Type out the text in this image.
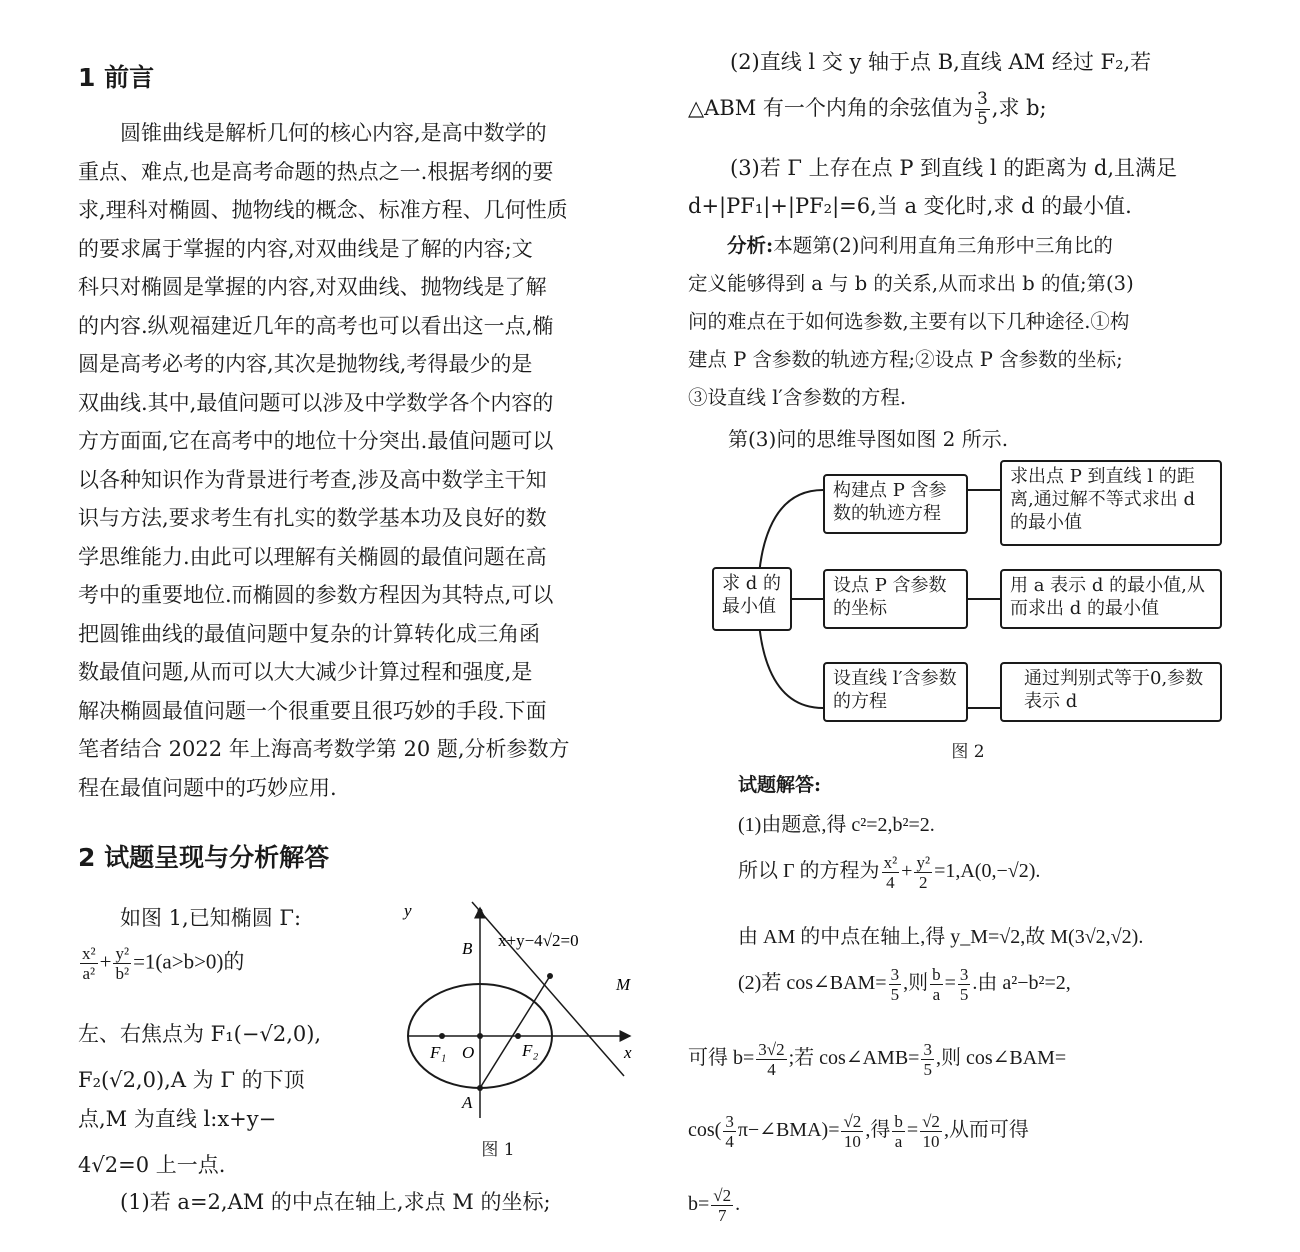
1 前言
圆锥曲线是解析几何的核心内容,是高中数学的
重点、难点,也是高考命题的热点之一.根据考纲的要
求,理科对椭圆、抛物线的概念、标准方程、几何性质
的要求属于掌握的内容,对双曲线是了解的内容;文
科只对椭圆是掌握的内容,对双曲线、抛物线是了解
的内容.纵观福建近几年的高考也可以看出这一点,椭
圆是高考必考的内容,其次是抛物线,考得最少的是
双曲线.其中,最值问题可以涉及中学数学各个内容的
方方面面,它在高考中的地位十分突出.最值问题可以
以各种知识作为背景进行考查,涉及高中数学主干知
识与方法,要求考生有扎实的数学基本功及良好的数
学思维能力.由此可以理解有关椭圆的最值问题在高
考中的重要地位.而椭圆的参数方程因为其特点,可以
把圆锥曲线的最值问题中复杂的计算转化成三角函
数最值问题,从而可以大大减少计算过程和强度,是
解决椭圆最值问题一个很重要且很巧妙的手段.下面
笔者结合 2022 年上海高考数学第 20 题,分析参数方
程在最值问题中的巧妙应用.
2 试题呈现与分析解答
如图 1,已知椭圆 Γ:
$\frac{\text{x²}}{\text{a²}} + \frac{\text{y²}}{\text{b²}} =1(a>b>0)$的
左、右焦点为 F₁(−√2,0),
F₂(√2,0),A 为 Γ 的下顶
点,M 为直线 l:x+y−
4√2=0 上一点.
(1)若 a=2,AM 的中点在轴上,求点 M 的坐标;
x+y−4√2=0
y
x
B
M
O
F₁	F₂
A
图 1
(2)直线 l 交 y 轴于点 B,直线 AM 经过 F₂,若
△ABM 有一个内角的余弦值为 $\frac{3}{5}$ ,求 b;
(3)若 Γ 上存在点 P 到直线 l 的距离为 d,且满足
d+|PF₁|+|PF₂|=6,当 a 变化时,求 d 的最小值.
分析:本题第(2)问利用直角三角形中三角比的
定义能够得到 a 与 b 的关系,从而求出 b 的值;第(3)
问的难点在于如何选参数,主要有以下几种途径.①构
建点 P 含参数的轨迹方程;②设点 P 含参数的坐标;
③设直线 l′含参数的方程.
第(3)问的思维导图如图 2 所示.
求 d 的最小值
构建点 P 含参数的轨迹方程
设点 P 含参数的坐标
设直线 l′含参数的方程
求出点 P 到直线 l 的距离,通过解不等式求出 d 的最小值
用 a 表示 d 的最小值,从而求出 d 的最小值
通过判别式等于0,参数表示 d
图 2
试题解答:
(1)由题意,得 c²=2,b²=2.
所以 Γ 的方程为 $\frac{\text{x²}}{4} + \frac{\text{y²}}{2} =1,A(0,-√2)$.
由 AM 的中点在轴上,得 y_M=√2,故 M(3√2,√2).
(2)若 cos∠BAM= $\frac{3}{5}$ ,则 $\frac{b}{a} = \frac{3}{5}$ .由 a²−b²=2,
可得 $b= \frac{3√2}{4}$ ;若 cos∠AMB= $\frac{3}{5}$ ,则 cos∠BAM=
$\cos( \frac{3}{4}$ π−∠BMA)= $\frac{√2}{10}$ ,得 $\frac{b}{a} = \frac{√2}{10}$ ,从而可得
$b= \frac{√2}{7}$ .
